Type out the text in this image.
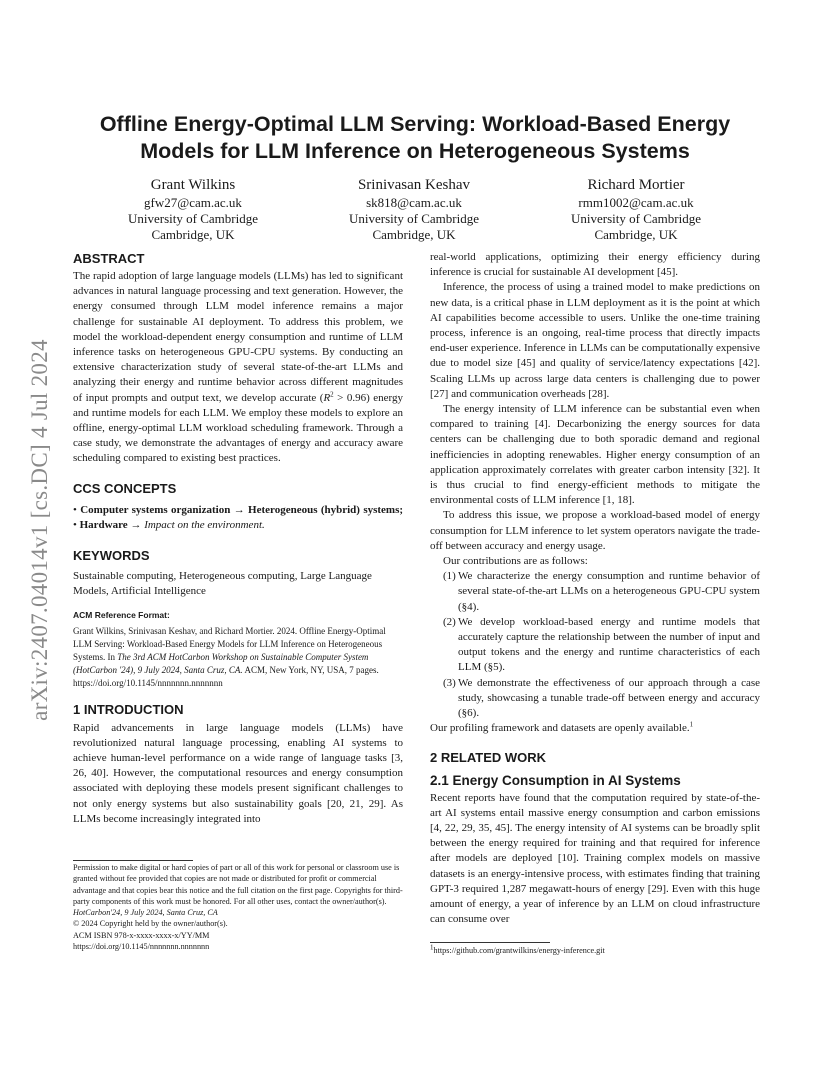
arXiv:2407.04014v1 [cs.DC] 4 Jul 2024
Offline Energy-Optimal LLM Serving: Workload-Based Energy
Models for LLM Inference on Heterogeneous Systems
Grant Wilkins
gfw27@cam.ac.uk
University of Cambridge
Cambridge, UK
Srinivasan Keshav
sk818@cam.ac.uk
University of Cambridge
Cambridge, UK
Richard Mortier
rmm1002@cam.ac.uk
University of Cambridge
Cambridge, UK
ABSTRACT

The rapid adoption of large language models (LLMs) has led to significant advances in natural language processing and text generation. However, the energy consumed through LLM model inference remains a major challenge for sustainable AI deployment. To address this problem, we model the workload-dependent energy consumption and runtime of LLM inference tasks on heterogeneous GPU-CPU systems. By conducting an extensive characterization study of several state-of-the-art LLMs and analyzing their energy and runtime behavior across different magnitudes of input prompts and output text, we develop accurate $(R^2 > 0.96)$ energy and runtime models for each LLM. We employ these models to explore an offline, energy-optimal LLM workload scheduling framework. Through a case study, we demonstrate the advantages of energy and accuracy aware scheduling compared to existing best practices.

CCS CONCEPTS

• Computer systems organization → Heterogeneous (hybrid) systems; • Hardware → Impact on the environment.

KEYWORDS

Sustainable computing, Heterogeneous computing, Large Language Models, Artificial Intelligence

ACM Reference Format:

Grant Wilkins, Srinivasan Keshav, and Richard Mortier. 2024. Offline Energy-Optimal LLM Serving: Workload-Based Energy Models for LLM Inference on Heterogeneous Systems. In The 3rd ACM HotCarbon Workshop on Sustainable Computer System (HotCarbon '24), 9 July 2024, Santa Cruz, CA. ACM, New York, NY, USA, 7 pages. https://doi.org/10.1145/nnnnnnn.nnnnnnn

1 INTRODUCTION

Rapid advancements in large language models (LLMs) have revolutionized natural language processing, enabling AI systems to achieve human-level performance on a wide range of language tasks [3, 26, 40]. However, the computational resources and energy consumption associated with deploying these models present significant challenges to not only energy systems but also sustainability goals [20, 21, 29]. As LLMs become increasingly integrated into

Permission to make digital or hard copies of part or all of this work for personal or classroom use is granted without fee provided that copies are not made or distributed for profit or commercial advantage and that copies bear this notice and the full citation on the first page. Copyrights for third-party components of this work must be honored. For all other uses, contact the owner/author(s).

HotCarbon'24, 9 July 2024, Santa Cruz, CA

© 2024 Copyright held by the owner/author(s).

ACM ISBN 978-x-xxxx-xxxx-x/YY/MM

https://doi.org/10.1145/nnnnnnn.nnnnnnn

real-world applications, optimizing their energy efficiency during inference is crucial for sustainable AI development [45].

Inference, the process of using a trained model to make predictions on new data, is a critical phase in LLM deployment as it is the point at which AI capabilities become accessible to users. Unlike the one-time training process, inference is an ongoing, real-time process that directly impacts end-user experience. Inference in LLMs can be computationally expensive due to model size [45] and quality of service/latency expectations [42]. Scaling LLMs up across large data centers is challenging due to power [27] and communication overheads [28].

The energy intensity of LLM inference can be substantial even when compared to training [4]. Decarbonizing the energy sources for data centers can be challenging due to both sporadic demand and regional inefficiencies in adopting renewables. Higher energy consumption of an application approximately correlates with greater carbon intensity [32]. It is thus crucial to find energy-efficient methods to mitigate the environmental costs of LLM inference [1, 18].

To address this issue, we propose a workload-based model of energy consumption for LLM inference to let system operators navigate the trade-off between accuracy and energy usage.

Our contributions are as follows:

(1) We characterize the energy consumption and runtime behavior of several state-of-the-art LLMs on a heterogeneous GPU-CPU system (§4).
(2) We develop workload-based energy and runtime models that accurately capture the relationship between the number of input and output tokens and the energy and runtime characteristics of each LLM (§5).
(3) We demonstrate the effectiveness of our approach through a case study, showcasing a tunable trade-off between energy and accuracy (§6).

Our profiling framework and datasets are openly available.$^1$

2 RELATED WORK
2.1 Energy Consumption in AI Systems

Recent reports have found that the computation required by state-of-the-art AI systems entail massive energy consumption and carbon emissions [4, 22, 29, 35, 45]. The energy intensity of AI systems can be broadly split between the energy required for training and that required for inference after models are deployed [10]. Training complex models on massive datasets is an energy-intensive process, with estimates finding that training GPT-3 required 1,287 megawatt-hours of energy [29]. Even with this huge amount of energy, a year of inference by an LLM on cloud infrastructure can consume over

$^1$https://github.com/grantwilkins/energy-inference.git
